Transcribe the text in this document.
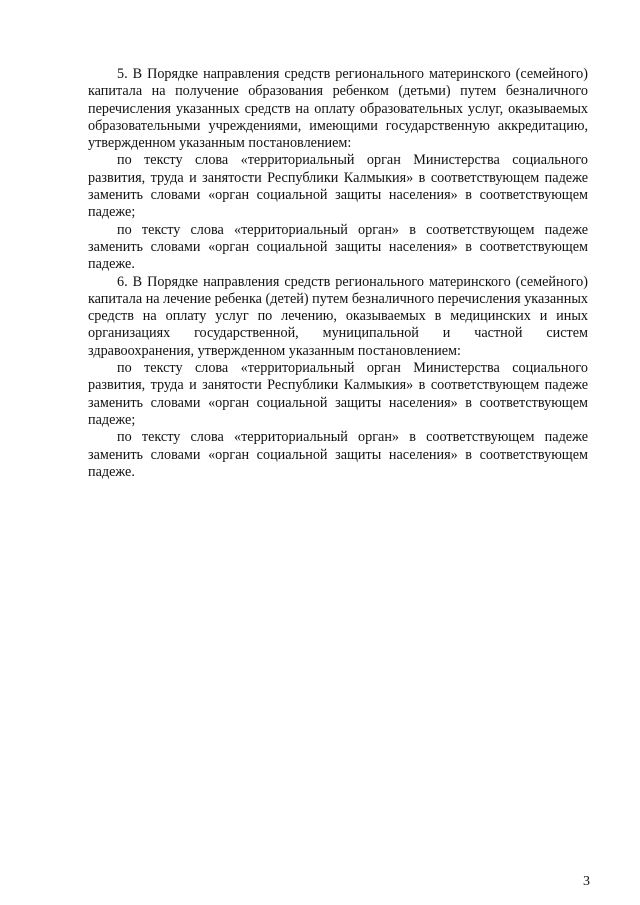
5. В Порядке направления средств регионального материнского (семейного) капитала на получение образования ребенком (детьми) путем безналичного перечисления указанных средств на оплату образовательных услуг, оказываемых образовательными учреждениями, имеющими государственную аккредитацию, утвержденном указанным постановлением:

по тексту слова «территориальный орган Министерства социального развития, труда и занятости Республики Калмыкия» в соответствующем падеже заменить словами «орган социальной защиты населения» в соответствующем падеже;

по тексту слова «территориальный орган» в соответствующем падеже заменить словами «орган социальной защиты населения» в соответствующем падеже.

6. В Порядке направления средств регионального материнского (семейного) капитала на лечение ребенка (детей) путем безналичного перечисления указанных средств на оплату услуг по лечению, оказываемых в медицинских и иных организациях государственной, муниципальной и частной систем здравоохранения, утвержденном указанным постановлением:

по тексту слова «территориальный орган Министерства социального развития, труда и занятости Республики Калмыкия» в соответствующем падеже заменить словами «орган социальной защиты населения» в соответствующем падеже;

по тексту слова «территориальный орган» в соответствующем падеже заменить словами «орган социальной защиты населения» в соответствующем падеже.

3
